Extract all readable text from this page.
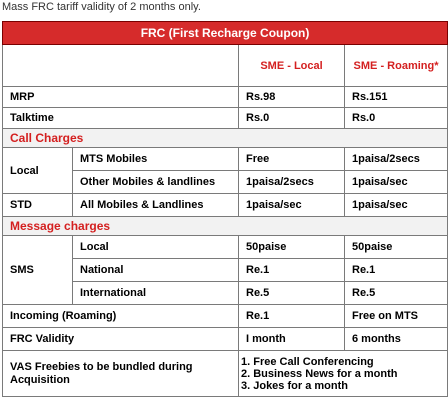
Mass FRC tariff validity of 2 months only.
FRC (First Recharge Coupon)			
		SME - Local	SME - Roaming*
MRP		Rs.98	Rs.151
Talktime		Rs.0	Rs.0
Call Charges			
Local	MTS Mobiles	Free	1paisa/2secs
	Other Mobiles & landlines	1paisa/2secs	1paisa/sec
STD	All Mobiles & Landlines	1paisa/sec	1paisa/sec
Message charges			
SMS	Local	50paise	50paise
	National	Re.1	Re.1
	International	Re.5	Re.5
Incoming (Roaming)		Re.1	Free on MTS
FRC Validity		I month	6 months
VAS Freebies to be bundled during Acquisition		1. Free Call Conferencing
2. Business News for a month
3. Jokes for a month	
